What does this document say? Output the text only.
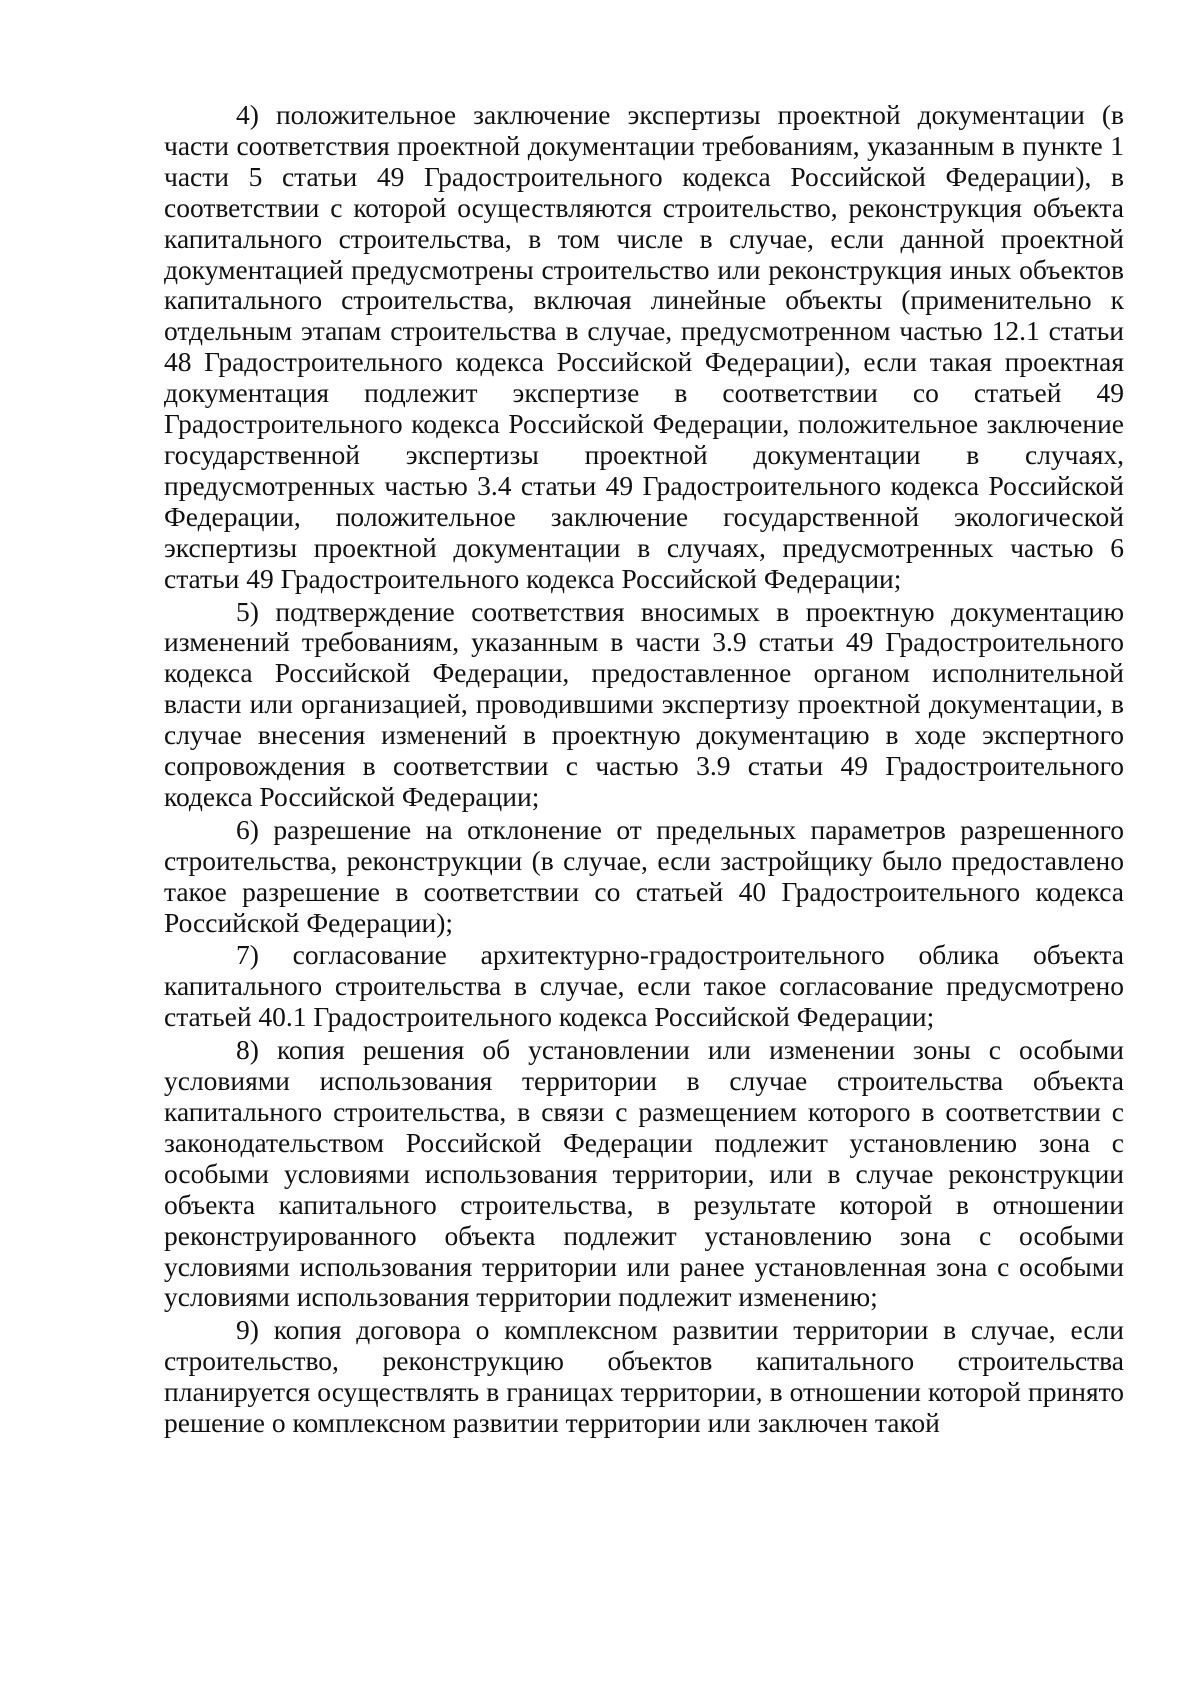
4) положительное заключение экспертизы проектной документации (в части соответствия проектной документации требованиям, указанным в пункте 1 части 5 статьи 49 Градостроительного кодекса Российской Федерации), в соответствии с которой осуществляются строительство, реконструкция объекта капитального строительства, в том числе в случае, если данной проектной документацией предусмотрены строительство или реконструкция иных объектов капитального строительства, включая линейные объекты (применительно к отдельным этапам строительства в случае, предусмотренном частью 12.1 статьи 48 Градостроительного кодекса Российской Федерации), если такая проектная документация подлежит экспертизе в соответствии со статьей 49 Градостроительного кодекса Российской Федерации, положительное заключение государственной экспертизы проектной документации в случаях, предусмотренных частью 3.4 статьи 49 Градостроительного кодекса Российской Федерации, положительное заключение государственной экологической экспертизы проектной документации в случаях, предусмотренных частью 6 статьи 49 Градостроительного кодекса Российской Федерации;

5) подтверждение соответствия вносимых в проектную документацию изменений требованиям, указанным в части 3.9 статьи 49 Градостроительного кодекса Российской Федерации, предоставленное органом исполнительной власти или организацией, проводившими экспертизу проектной документации, в случае внесения изменений в проектную документацию в ходе экспертного сопровождения в соответствии с частью 3.9 статьи 49 Градостроительного кодекса Российской Федерации;

6) разрешение на отклонение от предельных параметров разрешенного строительства, реконструкции (в случае, если застройщику было предоставлено такое разрешение в соответствии со статьей 40 Градостроительного кодекса Российской Федерации);

7) согласование архитектурно-градостроительного облика объекта капитального строительства в случае, если такое согласование предусмотрено статьей 40.1 Градостроительного кодекса Российской Федерации;

8) копия решения об установлении или изменении зоны с особыми условиями использования территории в случае строительства объекта капитального строительства, в связи с размещением которого в соответствии с законодательством Российской Федерации подлежит установлению зона с особыми условиями использования территории, или в случае реконструкции объекта капитального строительства, в результате которой в отношении реконструированного объекта подлежит установлению зона с особыми условиями использования территории или ранее установленная зона с особыми условиями использования территории подлежит изменению;

9) копия договора о комплексном развитии территории в случае, если строительство, реконструкцию объектов капитального строительства планируется осуществлять в границах территории, в отношении которой принято решение о комплексном развитии территории или заключен такой
